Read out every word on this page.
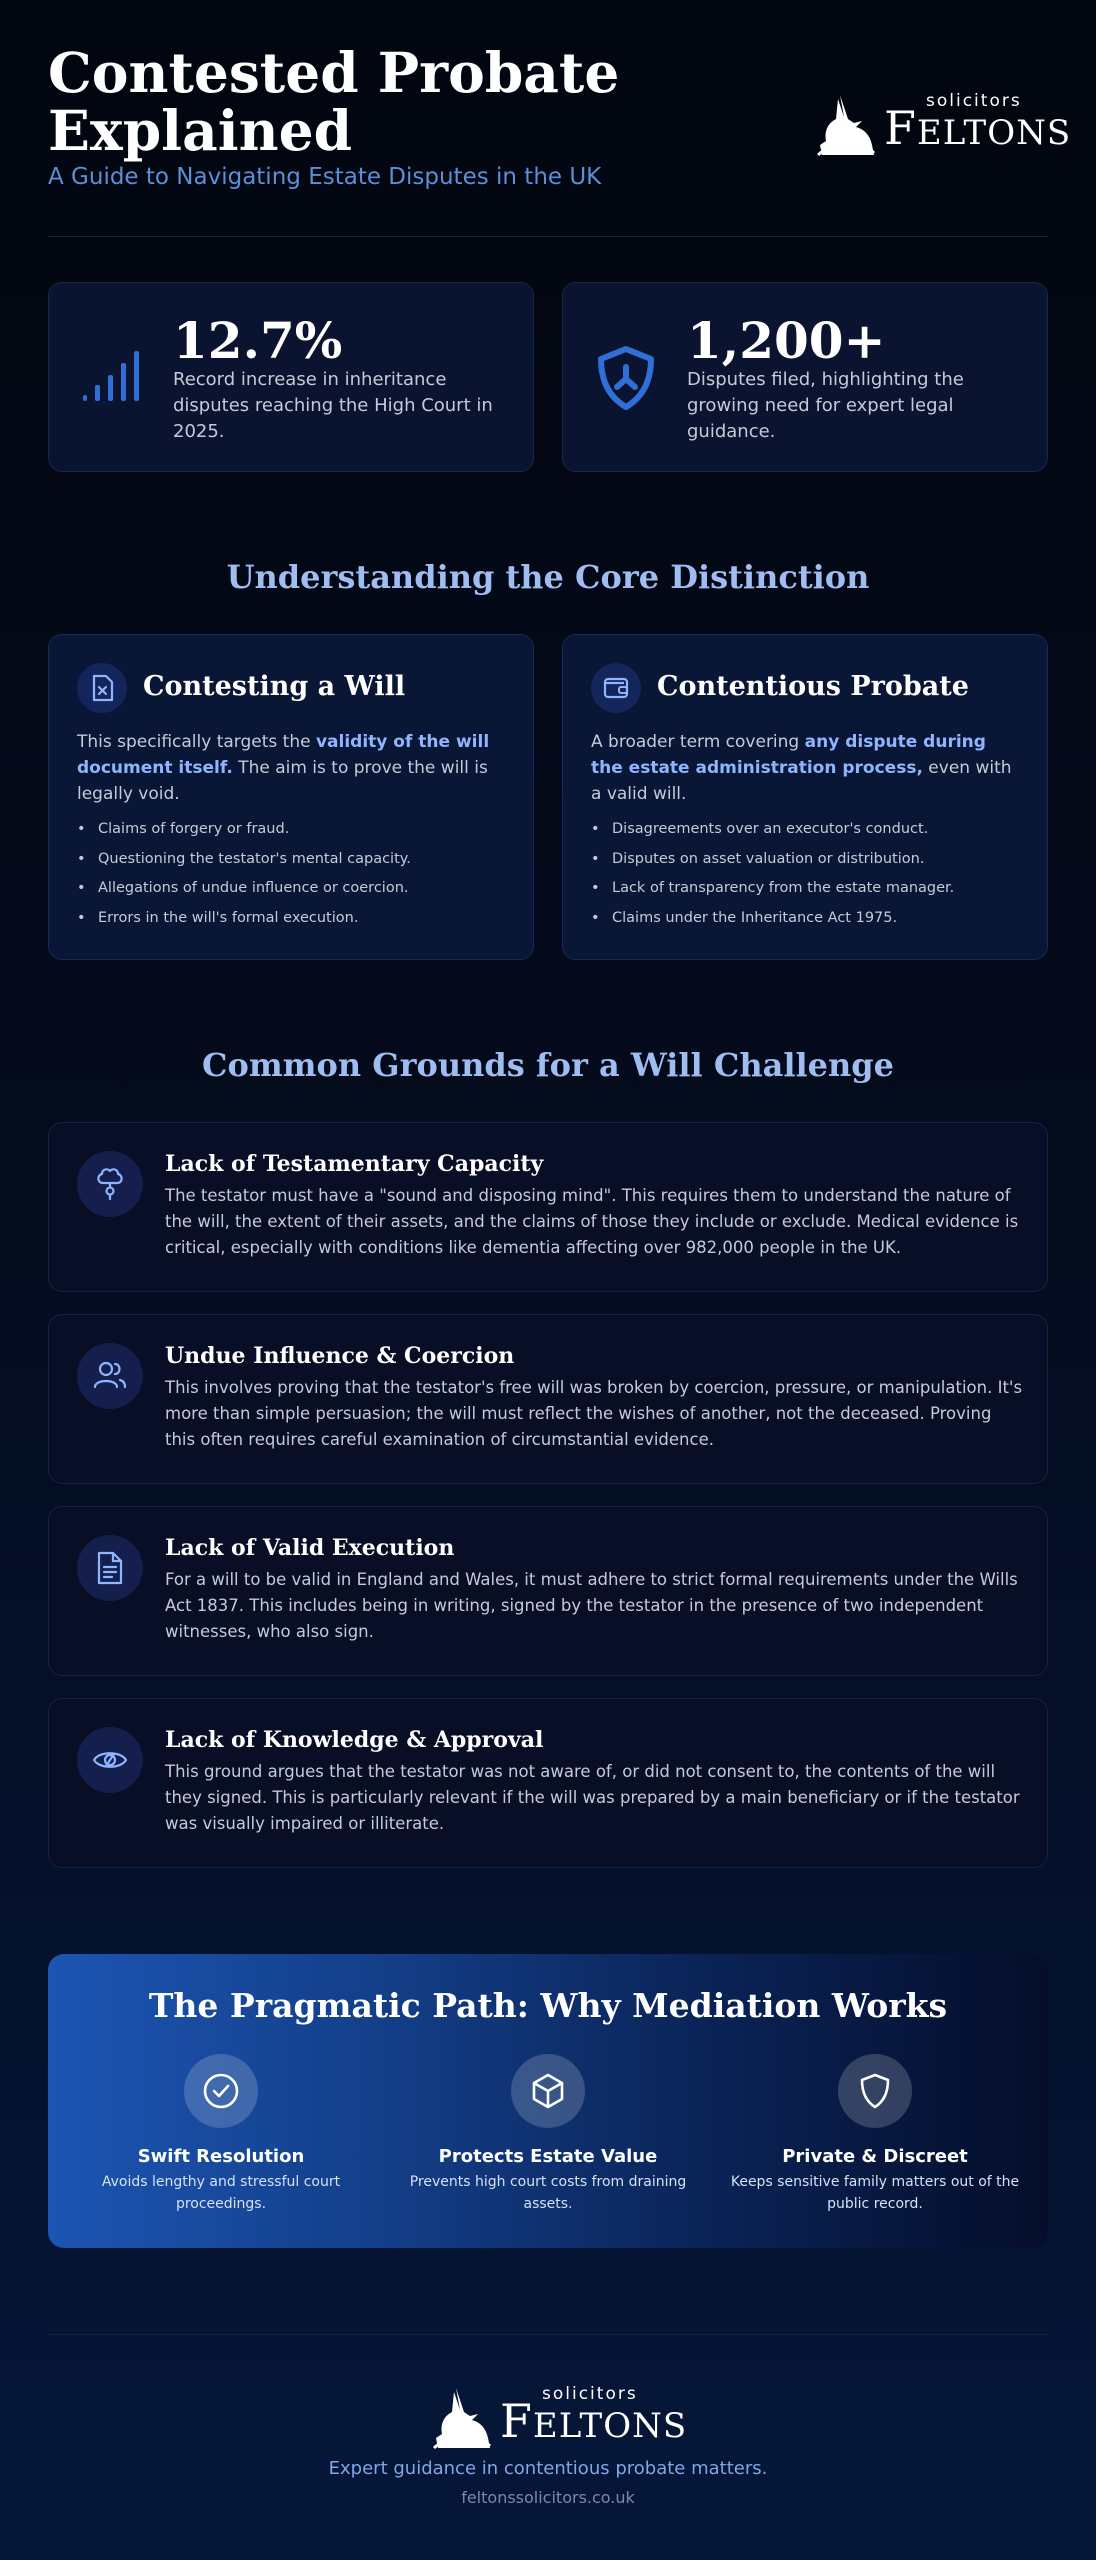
Contested Probate Explained
A Guide to Navigating Estate Disputes in the UK
solicitors
FELTONS
12.7%
Record increase in inheritance disputes reaching the High Court in 2025.
1,200+
Disputes filed, highlighting the growing need for expert legal guidance.
Understanding the Core Distinction
Contesting a Will

This specifically targets the validity of the will document itself. The aim is to prove the will is legally void.

• Claims of forgery or fraud.
• Questioning the testator's mental capacity.
• Allegations of undue influence or coercion.
• Errors in the will's formal execution.
Contentious Probate

A broader term covering any dispute during the estate administration process, even with a valid will.

• Disagreements over an executor's conduct.
• Disputes on asset valuation or distribution.
• Lack of transparency from the estate manager.
• Claims under the Inheritance Act 1975.
Common Grounds for a Will Challenge
Lack of Testamentary Capacity

The testator must have a "sound and disposing mind". This requires them to understand the nature of the will, the extent of their assets, and the claims of those they include or exclude. Medical evidence is critical, especially with conditions like dementia affecting over 982,000 people in the UK.

Undue Influence & Coercion

This involves proving that the testator's free will was broken by coercion, pressure, or manipulation. It's more than simple persuasion; the will must reflect the wishes of another, not the deceased. Proving this often requires careful examination of circumstantial evidence.

Lack of Valid Execution

For a will to be valid in England and Wales, it must adhere to strict formal requirements under the Wills Act 1837. This includes being in writing, signed by the testator in the presence of two independent witnesses, who also sign.

Lack of Knowledge & Approval

This ground argues that the testator was not aware of, or did not consent to, the contents of the will they signed. This is particularly relevant if the will was prepared by a main beneficiary or if the testator was visually impaired or illiterate.

The Pragmatic Path: Why Mediation Works
Swift Resolution
Avoids lengthy and stressful court proceedings.
Protects Estate Value
Prevents high court costs from draining assets.
Private & Discreet
Keeps sensitive family matters out of the public record.
solicitors
FELTONS
Expert guidance in contentious probate matters.
feltonssolicitors.co.uk
